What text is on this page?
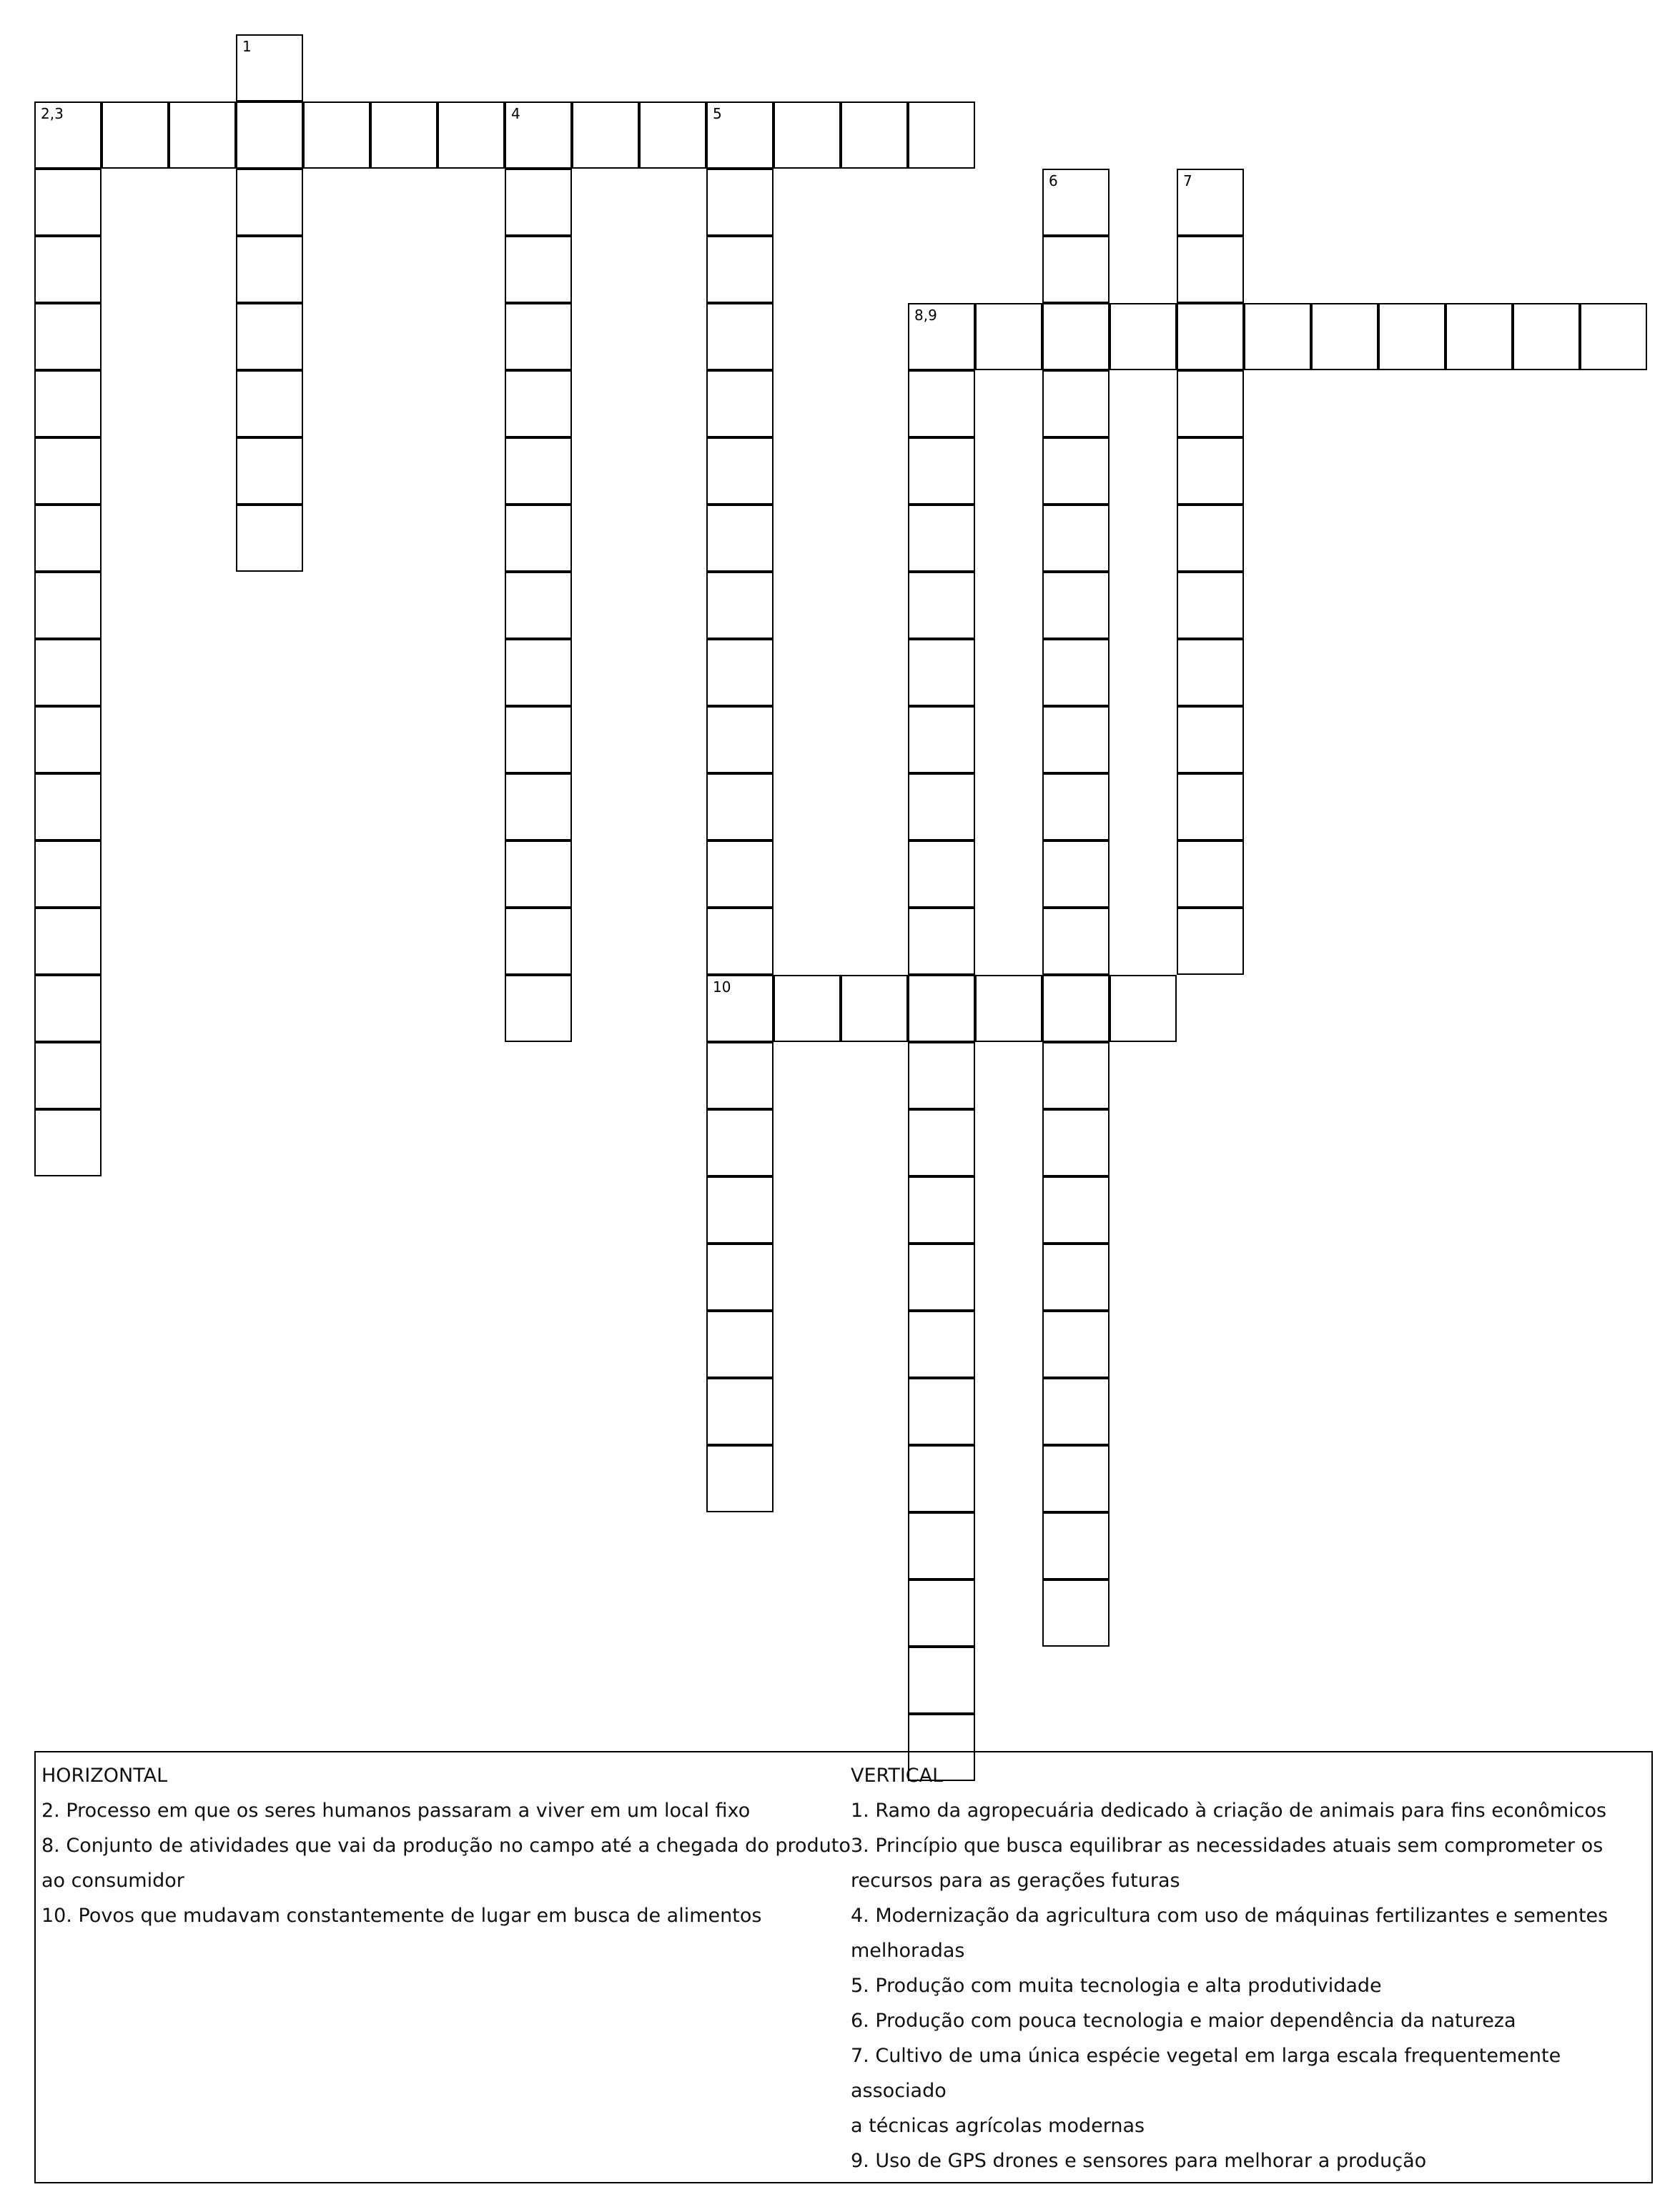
2,3	4	5
1
10
6	7
8,9
HORIZONTAL
2. Processo em que os seres humanos passaram a viver em um local fixo
8. Conjunto de atividades que vai da produção no campo até a chegada do produto
ao consumidor
10. Povos que mudavam constantemente de lugar em busca de alimentos
VERTICAL
1. Ramo da agropecuária dedicado à criação de animais para fins econômicos
3. Princípio que busca equilibrar as necessidades atuais sem comprometer os
recursos para as gerações futuras
4. Modernização da agricultura com uso de máquinas fertilizantes e sementes
melhoradas
5. Produção com muita tecnologia e alta produtividade
6. Produção com pouca tecnologia e maior dependência da natureza
7. Cultivo de uma única espécie vegetal em larga escala frequentemente associado
a técnicas agrícolas modernas
9. Uso de GPS drones e sensores para melhorar a produção
